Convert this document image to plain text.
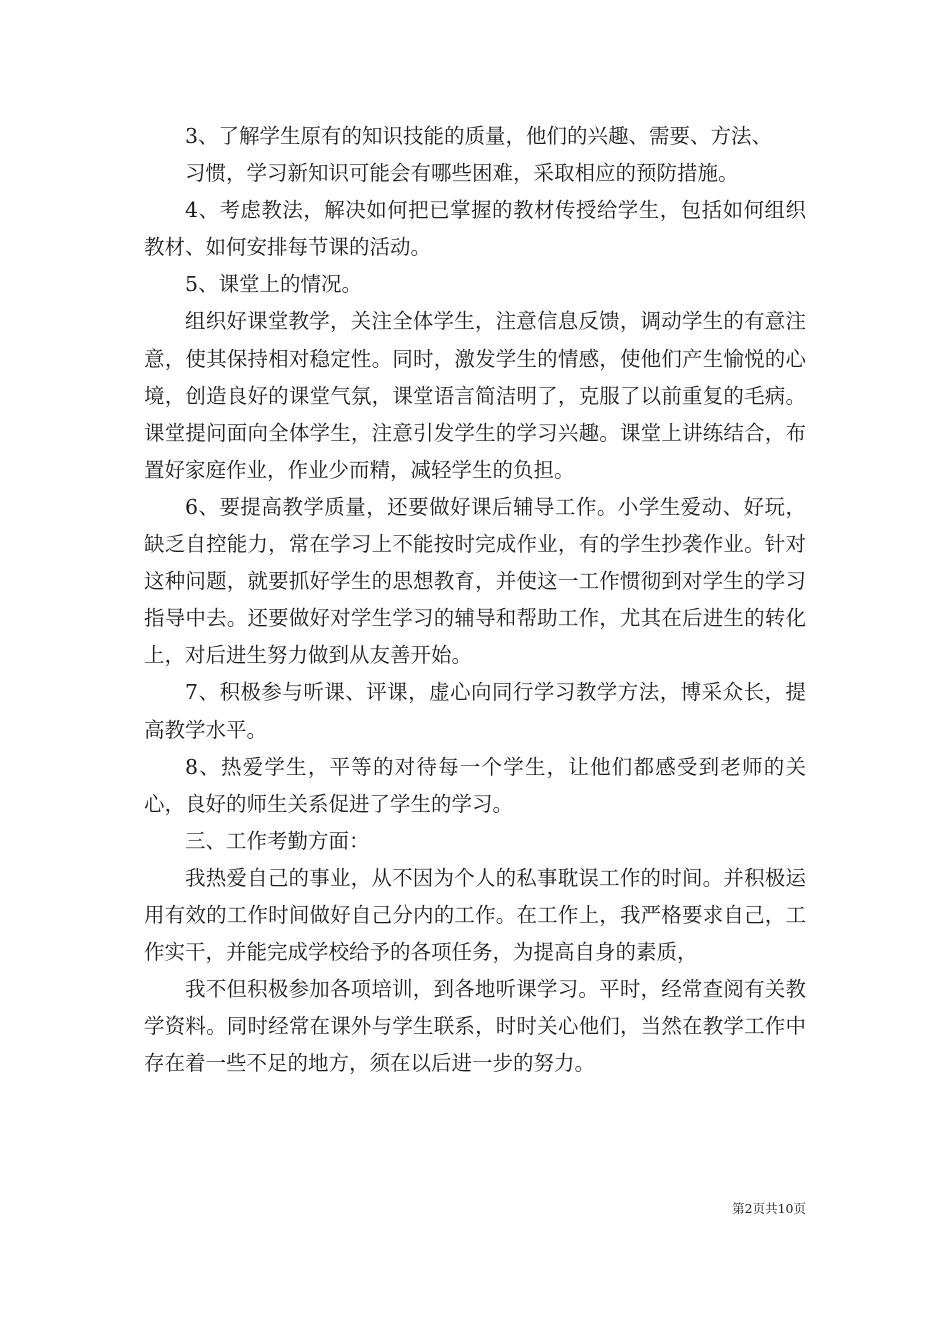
3、了解学生原有的知识技能的质量，他们的兴趣、需要、方法、

习惯，学习新知识可能会有哪些困难，采取相应的预防措施。

4、考虑教法，解决如何把已掌握的教材传授给学生，包括如何组织教材、如何安排每节课的活动。

5、课堂上的情况。

组织好课堂教学，关注全体学生，注意信息反馈，调动学生的有意注意，使其保持相对稳定性。同时，激发学生的情感，使他们产生愉悦的心境，创造良好的课堂气氛，课堂语言简洁明了，克服了以前重复的毛病。课堂提问面向全体学生，注意引发学生的学习兴趣。课堂上讲练结合，布置好家庭作业，作业少而精，减轻学生的负担。

6、要提高教学质量，还要做好课后辅导工作。小学生爱动、好玩，缺乏自控能力，常在学习上不能按时完成作业，有的学生抄袭作业。针对这种问题，就要抓好学生的思想教育，并使这一工作惯彻到对学生的学习指导中去。还要做好对学生学习的辅导和帮助工作，尤其在后进生的转化上，对后进生努力做到从友善开始。

7、积极参与听课、评课，虚心向同行学习教学方法，博采众长，提高教学水平。

8、热爱学生，平等的对待每一个学生，让他们都感受到老师的关心，良好的师生关系促进了学生的学习。

三、工作考勤方面：

我热爱自己的事业，从不因为个人的私事耽误工作的时间。并积极运用有效的工作时间做好自己分内的工作。在工作上，我严格要求自己，工作实干，并能完成学校给予的各项任务，为提高自身的素质，

我不但积极参加各项培训，到各地听课学习。平时，经常查阅有关教学资料。同时经常在课外与学生联系，时时关心他们，当然在教学工作中存在着一些不足的地方，须在以后进一步的努力。

第2页共10页
